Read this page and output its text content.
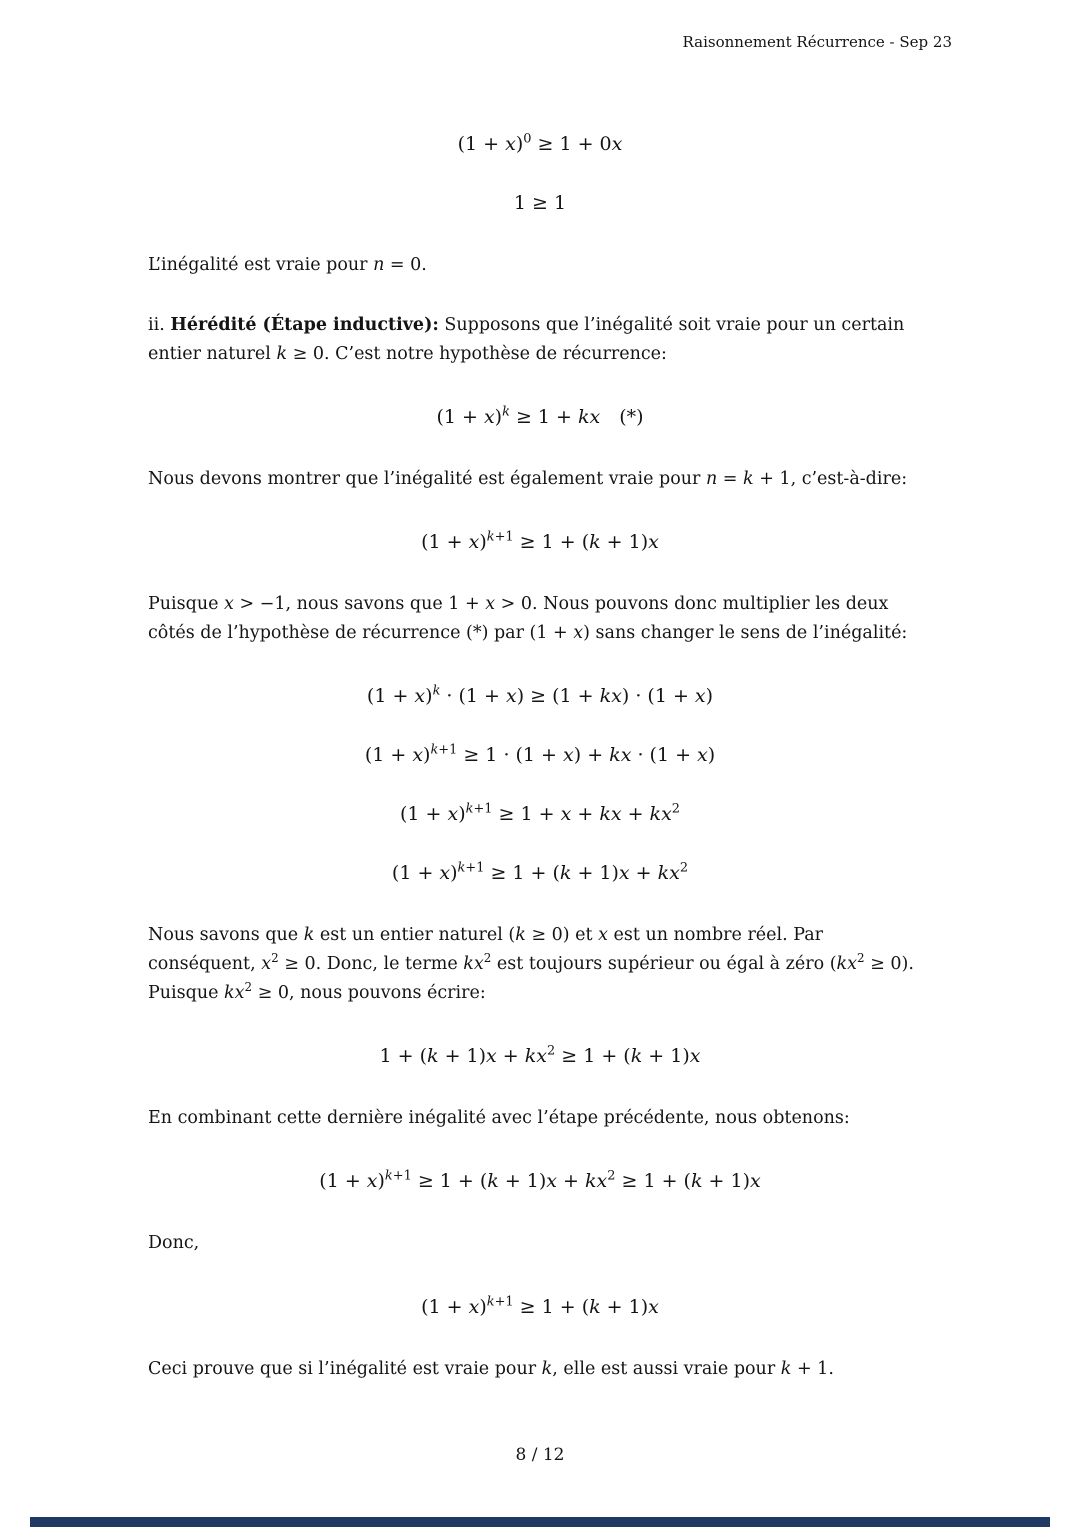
Raisonnement Récurrence - Sep 23
$(1 + x)^0 \ge 1 + 0x$
1 ≥ 1
L’inégalité est vraie pour n = 0.
ii. Hérédité (Étape inductive): Supposons que l’inégalité soit vraie pour un certain entier naturel k ≥ 0. C’est notre hypothèse de récurrence:
$(1 + x)^k \ge 1$ + kx (*)
Nous devons montrer que l’inégalité est également vraie pour n = k + 1, c’est-à-dire:
$(1 + x)^{k+1} \ge 1 + (k + 1)x$
Puisque x > −1, nous savons que 1 + x > 0. Nous pouvons donc multiplier les deux côtés de l’hypothèse de récurrence (*) par (1 + x) sans changer le sens de l’inégalité:
$(1 + x)^k \cdot (1 + x) \ge (1 + kx) \cdot (1 + x)$
$(1 + x)^{k+1} \ge 1 \cdot (1 + x)$ + kx · (1 + x)
$(1 + x)^{k+1} \ge 1 + x$ + kx + $kx^2$
$(1 + x)^{k+1} \ge 1 + (k + 1)x + kx^2$
Nous savons que k est un entier naturel (k ≥ 0) et x est un nombre réel. Par conséquent, $x^2 \ge 0$. Donc, le terme $kx^2$ est toujours supérieur ou égal à zéro $(kx^2 \ge 0)$. Puisque $kx^2 \ge 0$, nous pouvons écrire:
$1 + (k + 1)x + kx^2 \ge 1 + (k + 1)x$
En combinant cette dernière inégalité avec l’étape précédente, nous obtenons:
$(1 + x)^{k+1} \ge 1 + (k + 1)x + kx^2 \ge 1 + (k + 1)x$
Donc,
$(1 + x)^{k+1} \ge 1 + (k + 1)x$
Ceci prouve que si l’inégalité est vraie pour k, elle est aussi vraie pour k + 1.
8 / 12
